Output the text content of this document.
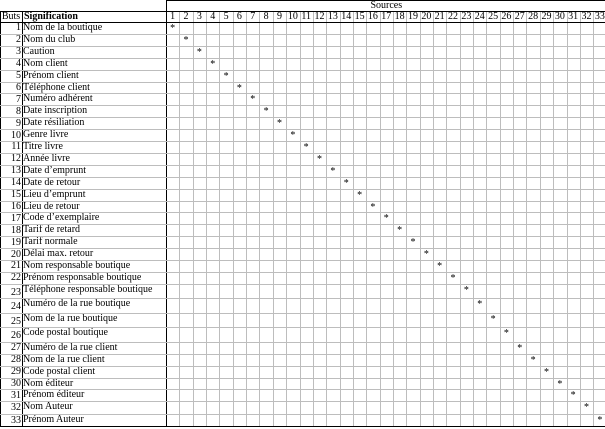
Sources
Buts Signification	1 2 3 4 5 6 7 8 9 10 11 12 13 14 15 16 17 18 19 20 21 22 23 24 25 26 27 28 29 30 31 32 33
1 Nom de la boutique
2 Nom du club
3 Caution
4 Nom client
5 Prénom client
6 Téléphone client
7 Numéro adhérent
8 Date inscription
9 Date résiliation
10 Genre livre
11 Titre livre
12 Année livre
13 Date d’emprunt
14 Date de retour
15 Lieu d’emprunt
16 Lieu de retour
17 Code d’exemplaire
18 Tarif de retard
19 Tarif normale
20 Délai max. retour
21 Nom responsable boutique
22 Prénom responsable boutique
23 Téléphone responsable boutique
24 Numéro de la rue boutique
25 Nom de la rue boutique
26 Code postal boutique
27 Numéro de la rue client
28 Nom de la rue client
29 Code postal client
30 Nom éditeur
31 Prénom éditeur
32 Nom Auteur
33 Prénom Auteur
*
*
*
*
*
*
*
*
*
*
*
*
*
*
*
*
*
*
*
*
*
*
*
*
*
*
*
*
*
*
*
*
*
